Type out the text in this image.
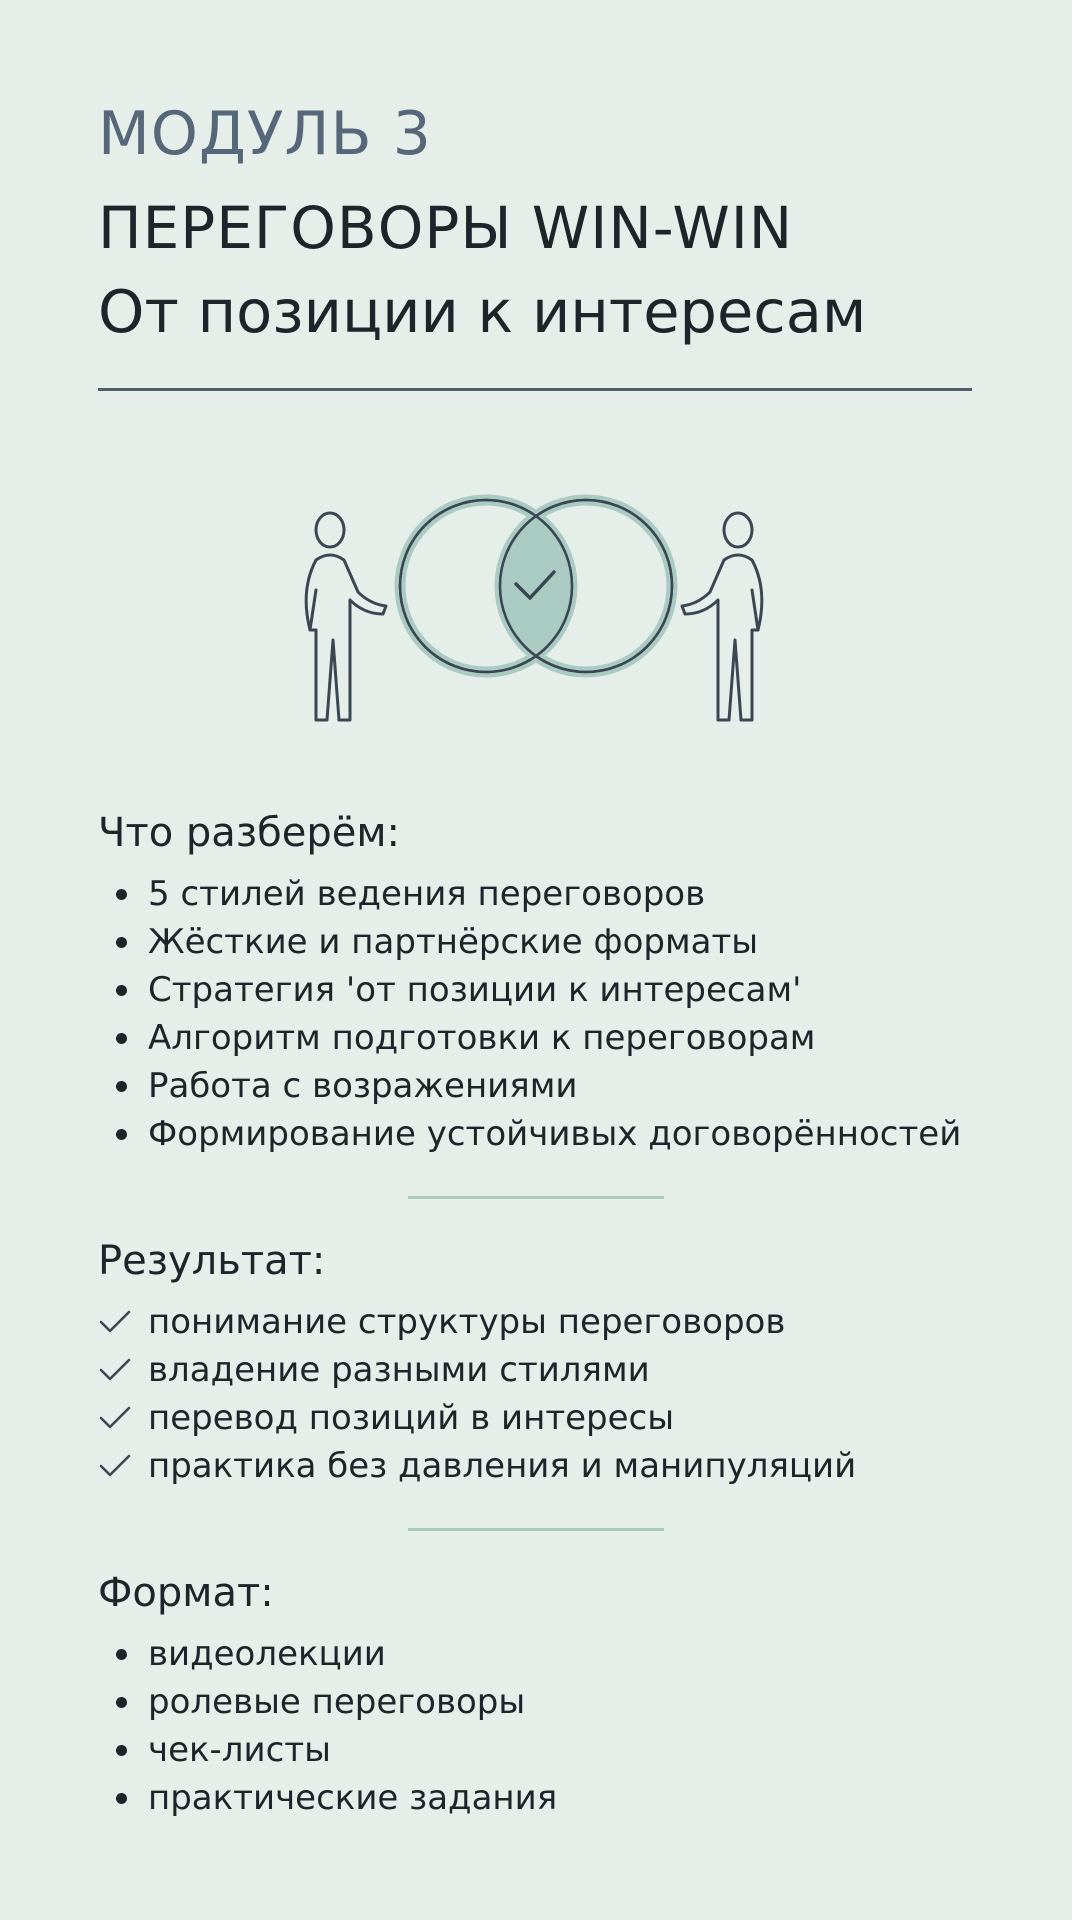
МОДУЛЬ 3
ПЕРЕГОВОРЫ WIN-WIN
От позиции к интересам
Что разберём:
5 стилей ведения переговоров
Жёсткие и партнёрские форматы
Стратегия 'от позиции к интересам'
Алгоритм подготовки к переговорам
Работа с возражениями
Формирование устойчивых договорённостей
Результат:
понимание структуры переговоров
владение разными стилями
перевод позиций в интересы
практика без давления и манипуляций
Формат:
видеолекции
ролевые переговоры
чек-листы
практические задания
